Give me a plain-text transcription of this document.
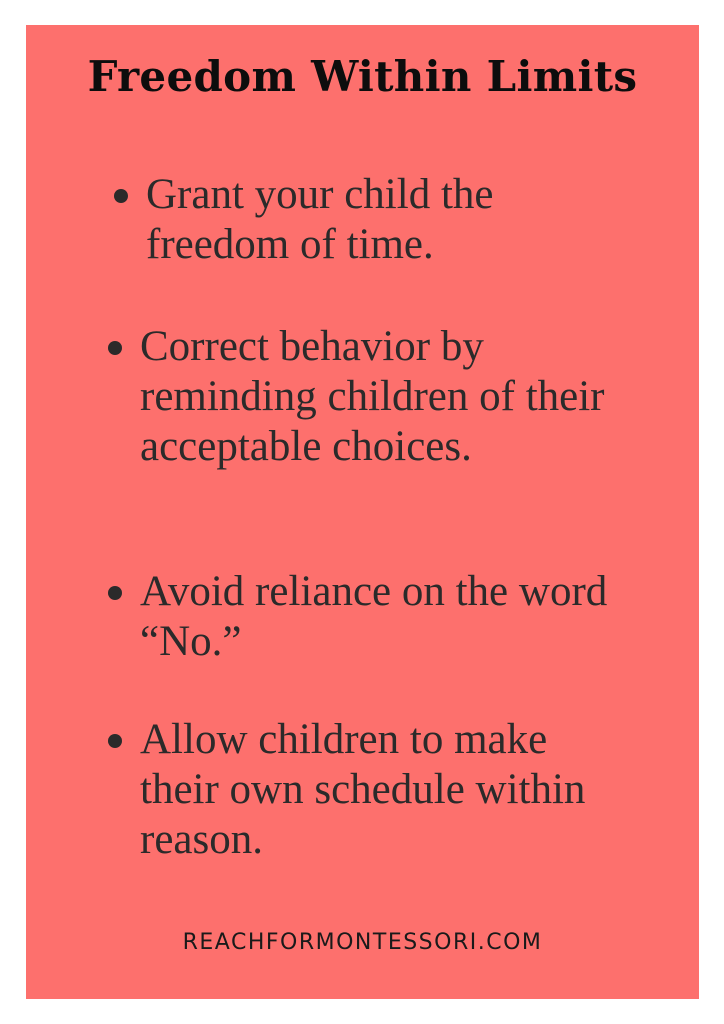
Freedom Within Limits
Grant your child the freedom of time.
Correct behavior by reminding children of their acceptable choices.
Avoid reliance on the word “No.”
Allow children to make their own schedule within reason.
REACHFORMONTESSORI.COM
